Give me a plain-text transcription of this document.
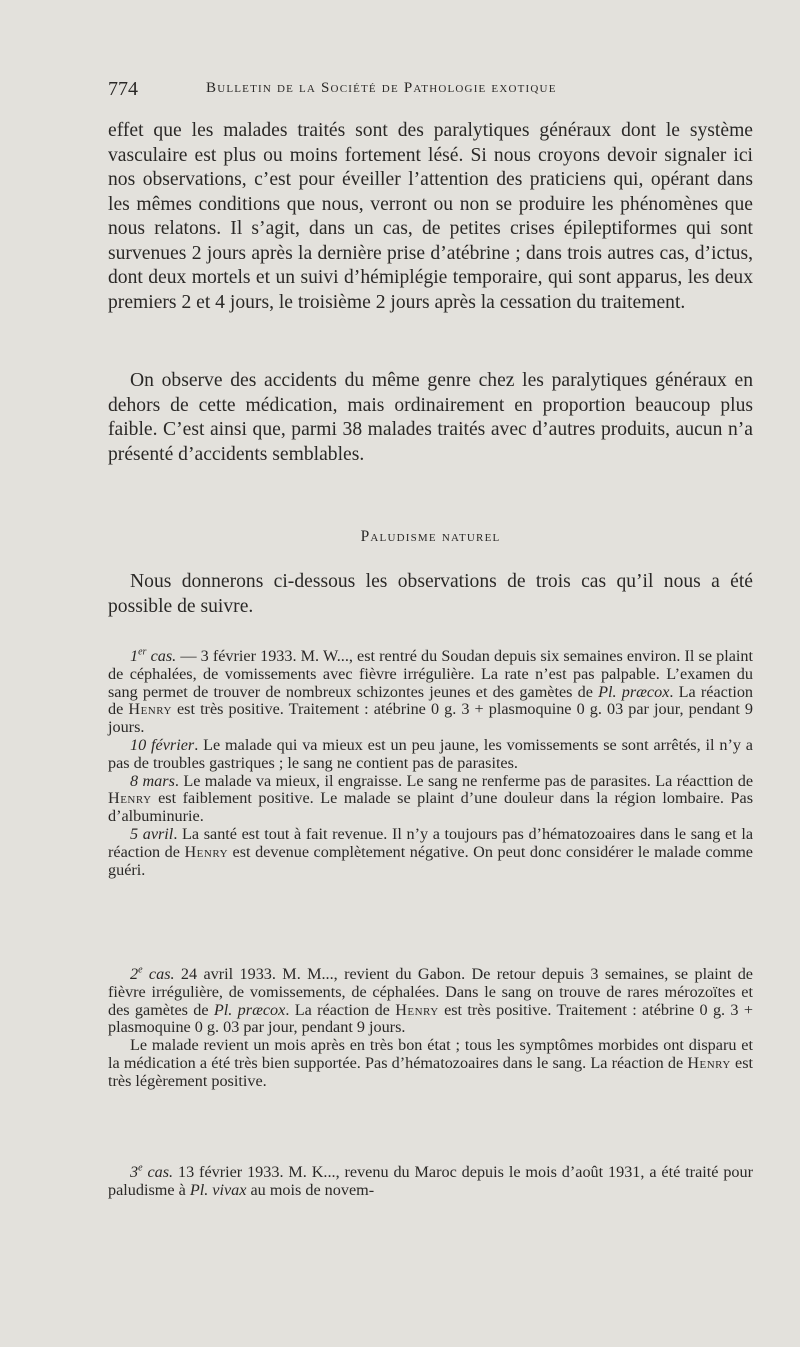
774	Bulletin de la Société de Pathologie exotique

effet que les malades traités sont des paralytiques généraux dont le système vasculaire est plus ou moins fortement lésé. Si nous croyons devoir signaler ici nos observations, c’est pour éveiller l’attention des praticiens qui, opérant dans les mêmes conditions que nous, verront ou non se produire les phénomènes que nous relatons. Il s’agit, dans un cas, de petites crises épileptiformes qui sont survenues 2 jours après la dernière prise d’atébrine ; dans trois autres cas, d’ictus, dont deux mortels et un suivi d’hémiplégie temporaire, qui sont apparus, les deux premiers 2 et 4 jours, le troisième 2 jours après la cessation du traitement.

On observe des accidents du même genre chez les paralytiques généraux en dehors de cette médication, mais ordinairement en proportion beaucoup plus faible. C’est ainsi que, parmi 38 malades traités avec d’autres produits, aucun n’a présenté d’accidents semblables.

Paludisme naturel

Nous donnerons ci-dessous les observations de trois cas qu’il nous a été possible de suivre.

1er cas. — 3 février 1933. M. W..., est rentré du Soudan depuis six semaines environ. Il se plaint de céphalées, de vomissements avec fièvre irrégulière. La rate n’est pas palpable. L’examen du sang permet de trouver de nombreux schizontes jeunes et des gamètes de Pl. præcox. La réaction de Henry est très positive. Traitement : atébrine 0 g. 3 + plasmoquine 0 g. 03 par jour, pendant 9 jours.

10 février. Le malade qui va mieux est un peu jaune, les vomissements se sont arrêtés, il n’y a pas de troubles gastriques ; le sang ne contient pas de parasites.

8 mars. Le malade va mieux, il engraisse. Le sang ne renferme pas de parasites. La réacttion de Henry est faiblement positive. Le malade se plaint d’une douleur dans la région lombaire. Pas d’albuminurie.

5 avril. La santé est tout à fait revenue. Il n’y a toujours pas d’hématozoaires dans le sang et la réaction de Henry est devenue complètement négative. On peut donc considérer le malade comme guéri.

2e cas. 24 avril 1933. M. M..., revient du Gabon. De retour depuis 3 semaines, se plaint de fièvre irrégulière, de vomissements, de céphalées. Dans le sang on trouve de rares mérozoïtes et des gamètes de Pl. præcox. La réaction de Henry est très positive. Traitement : atébrine 0 g. 3 + plasmoquine 0 g. 03 par jour, pendant 9 jours.

Le malade revient un mois après en très bon état ; tous les symptômes morbides ont disparu et la médication a été très bien supportée. Pas d’hématozoaires dans le sang. La réaction de Henry est très légèrement positive.

3e cas. 13 février 1933. M. K..., revenu du Maroc depuis le mois d’août 1931, a été traité pour paludisme à Pl. vivax au mois de novem-
